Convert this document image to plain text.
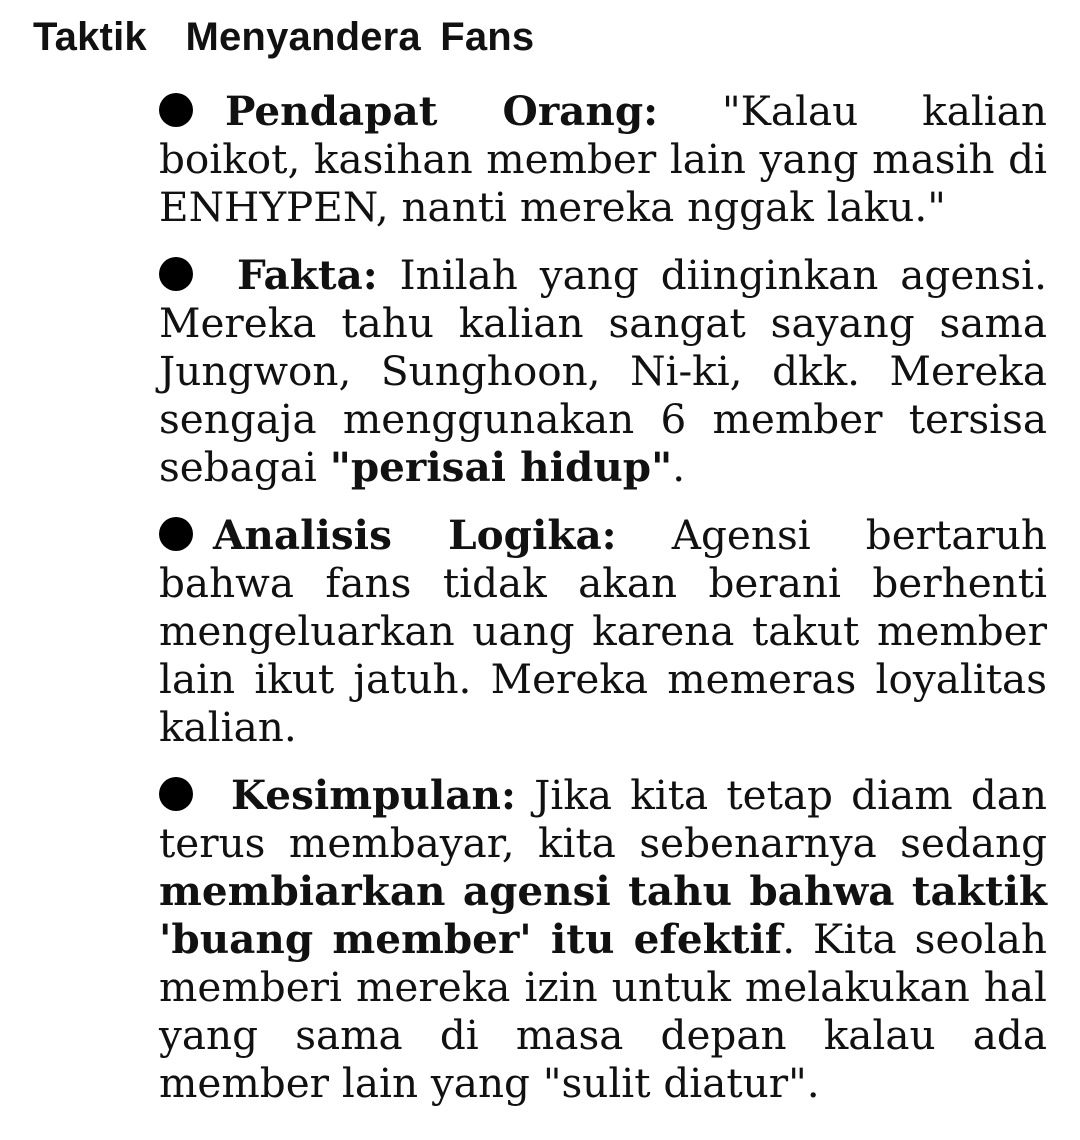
Taktik  Menyandera Fans
Pendapat Orang: "Kalau kalian boikot, kasihan member lain yang masih di ENHYPEN, nanti mereka nggak laku."
Fakta: Inilah yang diinginkan agensi. Mereka tahu kalian sangat sayang sama Jungwon, Sunghoon, Ni-ki, dkk. Mereka sengaja menggunakan 6 member tersisa sebagai "perisai hidup".
Analisis Logika: Agensi bertaruh bahwa fans tidak akan berani berhenti mengeluarkan uang karena takut member lain ikut jatuh. Mereka memeras loyalitas kalian.
Kesimpulan: Jika kita tetap diam dan terus membayar, kita sebenarnya sedang membiarkan agensi tahu bahwa taktik 'buang member' itu efektif. Kita seolah memberi mereka izin untuk melakukan hal yang sama di masa depan kalau ada member lain yang "sulit diatur".
